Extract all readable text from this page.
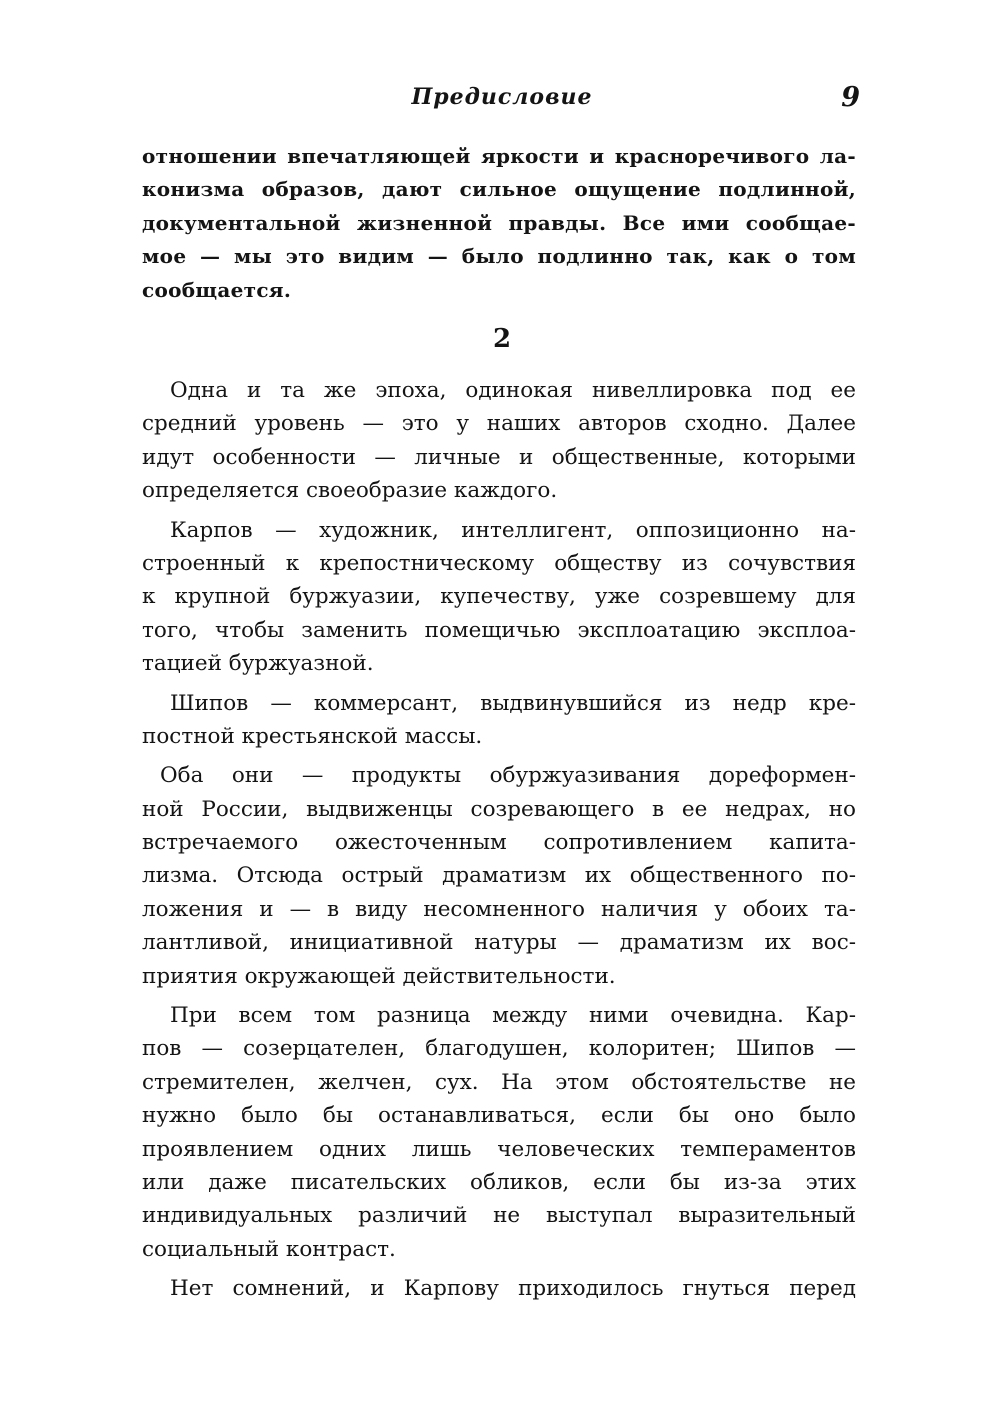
Предисловие	9
отношении впечатляющей яркости и красноречивого ла-
конизма образов, дают сильное ощущение подлинной,
документальной жизненной правды. Все ими сообщае-
мое — мы это видим — было подлинно так, как о том
сообщается.
2
Одна и та же эпоха, одинокая нивеллировка под ее
средний уровень — это у наших авторов сходно. Далее
идут особенности — личные и общественные, которыми
определяется своеобразие каждого.
Карпов — художник, интеллигент, оппозиционно на-
строенный к крепостническому обществу из сочувствия
к крупной буржуазии, купечеству, уже созревшему для
того, чтобы заменить помещичью эксплоатацию эксплоа-
тацией буржуазной.
Шипов — коммерсант, выдвинувшийся из недр кре-
постной крестьянской массы.
Оба они — продукты обуржуазивания дореформен-
ной России, выдвиженцы созревающего в ее недрах, но
встречаемого ожесточенным сопротивлением капита-
лизма. Отсюда острый драматизм их общественного по-
ложения и — в виду несомненного наличия у обоих та-
лантливой, инициативной натуры — драматизм их вос-
приятия окружающей действительности.
При всем том разница между ними очевидна. Кар-
пов — созерцателен, благодушен, колоритен; Шипов —
стремителен, желчен, сух. На этом обстоятельстве не
нужно было бы останавливаться, если бы оно было
проявлением одних лишь человеческих темпераментов
или даже писательских обликов, если бы из-за этих
индивидуальных различий не выступал выразительный
социальный контраст.
Нет сомнений, и Карпову приходилось гнуться перед
